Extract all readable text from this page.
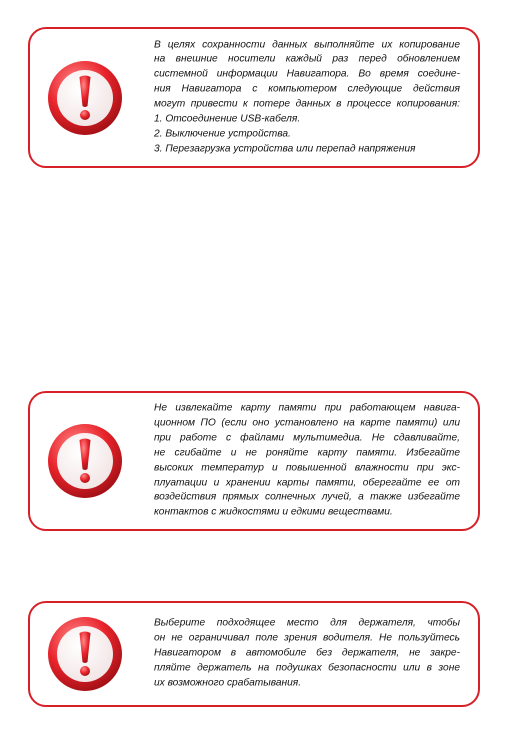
В целях сохранности данных выполняйте их копирование
на внешние носители каждый раз перед обновлением
системной информации Навигатора. Во время соедине-
ния Навигатора с компьютером следующие действия
могут привести к потере данных в процессе копирования:
1. Отсоединение USB-кабеля.
2. Выключение устройства.
3. Перезагрузка устройства или перепад напряжения

Не извлекайте карту памяти при работающем навига-
ционном ПО (если оно установлено на карте памяти) или
при работе с файлами мультимедиа. Не сдавливайте,
не сгибайте и не роняйте карту памяти. Избегайте
высоких температур и повышенной влажности при экс-
плуатации и хранении карты памяти, оберегайте ее от
воздействия прямых солнечных лучей, а также избегайте
контактов с жидкостями и едкими веществами.

Выберите подходящее место для держателя, чтобы
он не ограничивал поле зрения водителя. Не пользуйтесь
Навигатором в автомобиле без держателя, не закре-
пляйте держатель на подушках безопасности или в зоне
их возможного срабатывания.
